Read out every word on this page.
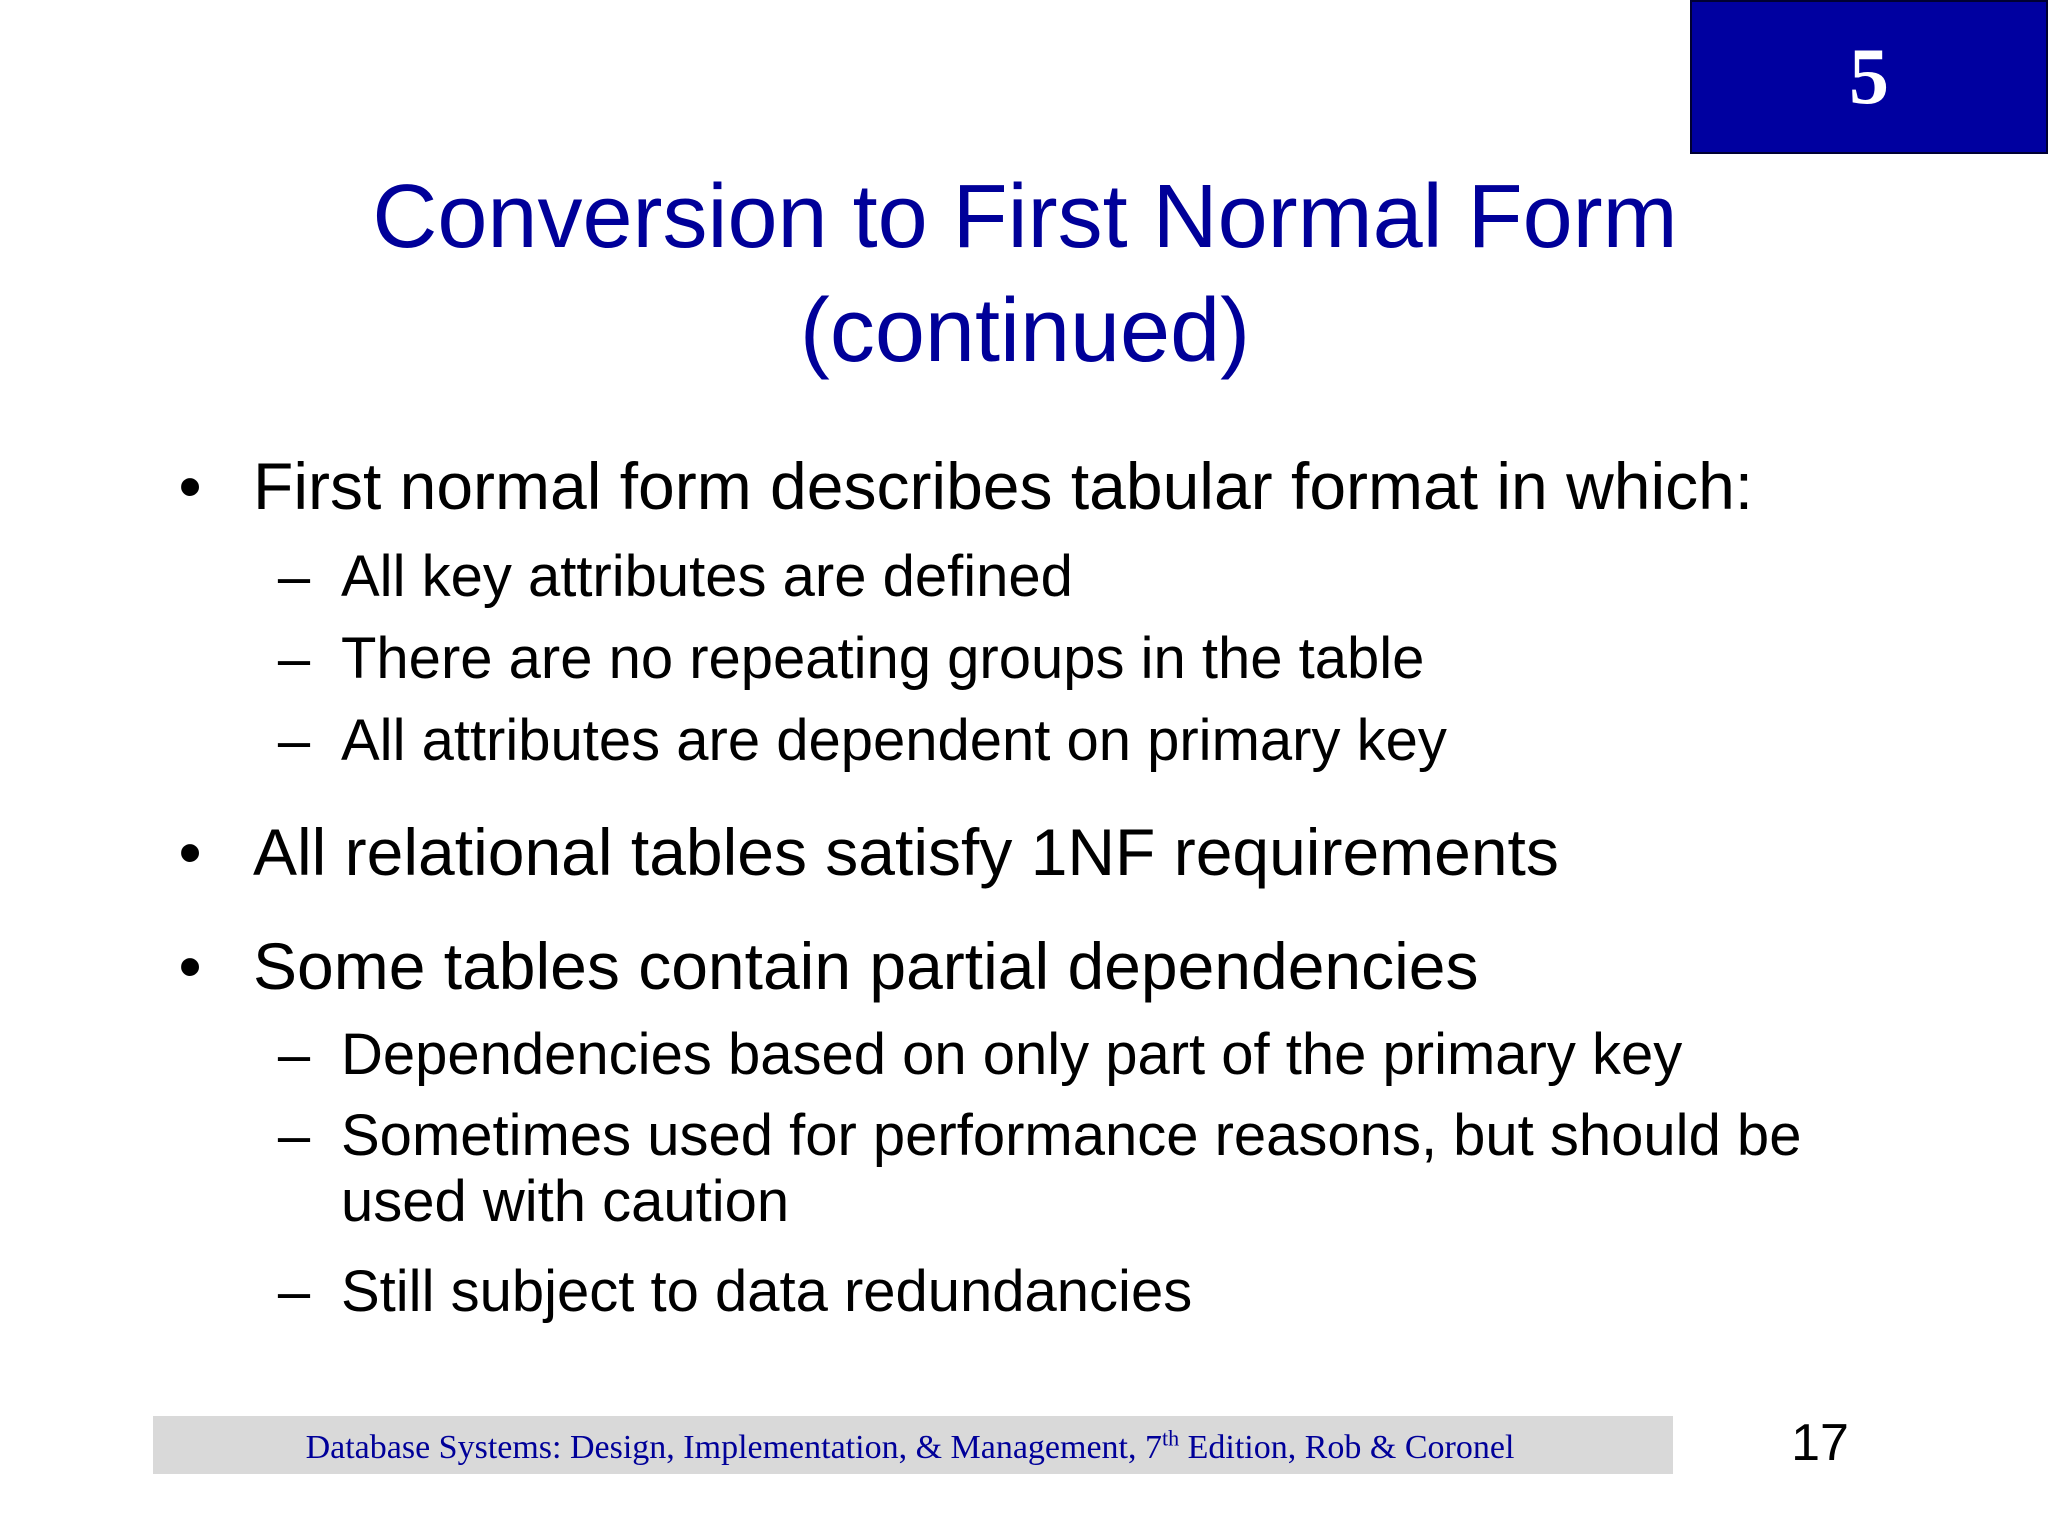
5
Conversion to First Normal Form
(continued)
• First normal form describes tabular format in which:
– All key attributes are defined
– There are no repeating groups in the table
– All attributes are dependent on primary key
• All relational tables satisfy 1NF requirements
• Some tables contain partial dependencies
– Dependencies based on only part of the primary key
– Sometimes used for performance reasons, but should be used with caution
– Still subject to data redundancies
Database Systems: Design, Implementation, & Management, 7th Edition, Rob & Coronel	17
